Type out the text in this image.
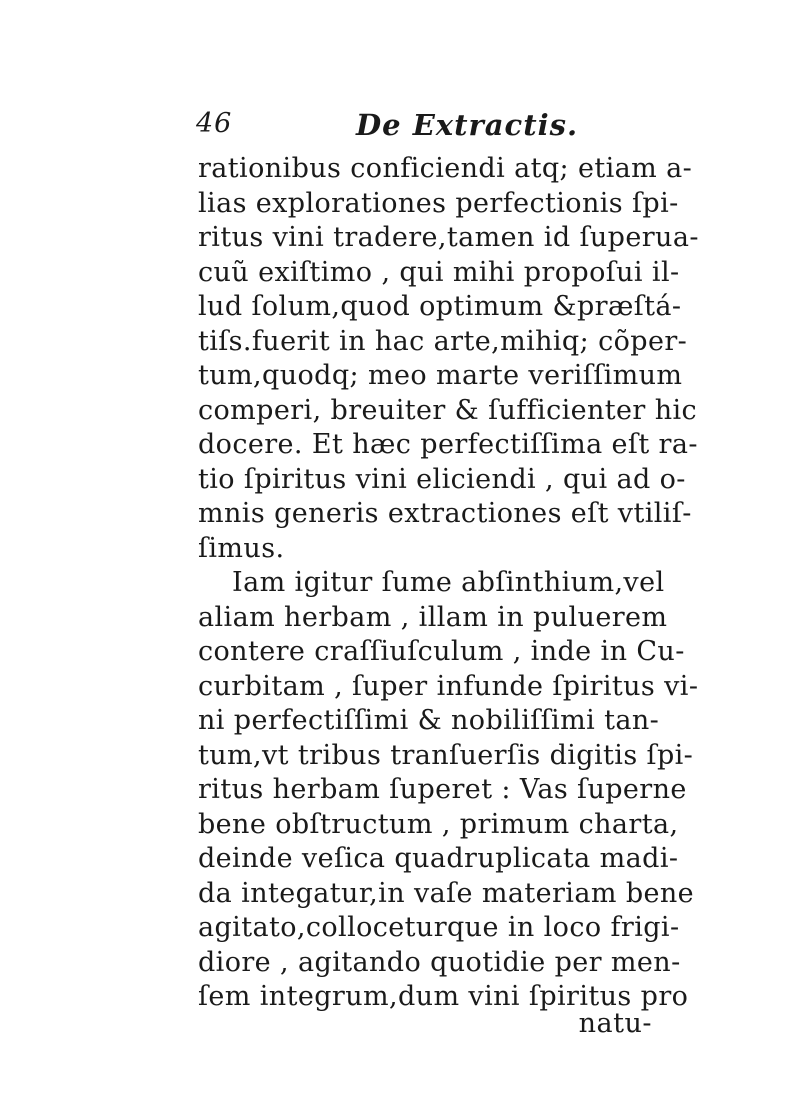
46	De Extractis.
rationibus conficiendi atq; etiam a-
lias explorationes perfectionis ſpi-
ritus vini tradere,tamen id ſuperua-
cuũ exiſtimo , qui mihi propoſui il-
lud ſolum,quod optimum &præſtá-
tiſs.fuerit in hac arte,mihiq; cõper-
tum,quodq; meo marte veriſſimum
comperi, breuiter & ſufficienter hic
docere. Et hæc perfectiſſima eſt ra-
tio ſpiritus vini eliciendi , qui ad o-
mnis generis extractiones eſt vtiliſ-
ſimus.
Iam igitur ſume abſinthium,vel
aliam herbam , illam in puluerem
contere craſſiuſculum , inde in Cu-
curbitam , ſuper infunde ſpiritus vi-
ni perfectiſſimi & nobiliſſimi tan-
tum,vt tribus tranſuerſis digitis ſpi-
ritus herbam ſuperet : Vas ſuperne
bene obſtructum , primum charta,
deinde veſica quadruplicata madi-
da integatur,in vaſe materiam bene
agitato,colloceturque in loco frigi-
diore , agitando quotidie per men-
ſem integrum,dum vini ſpiritus pro
natu-
